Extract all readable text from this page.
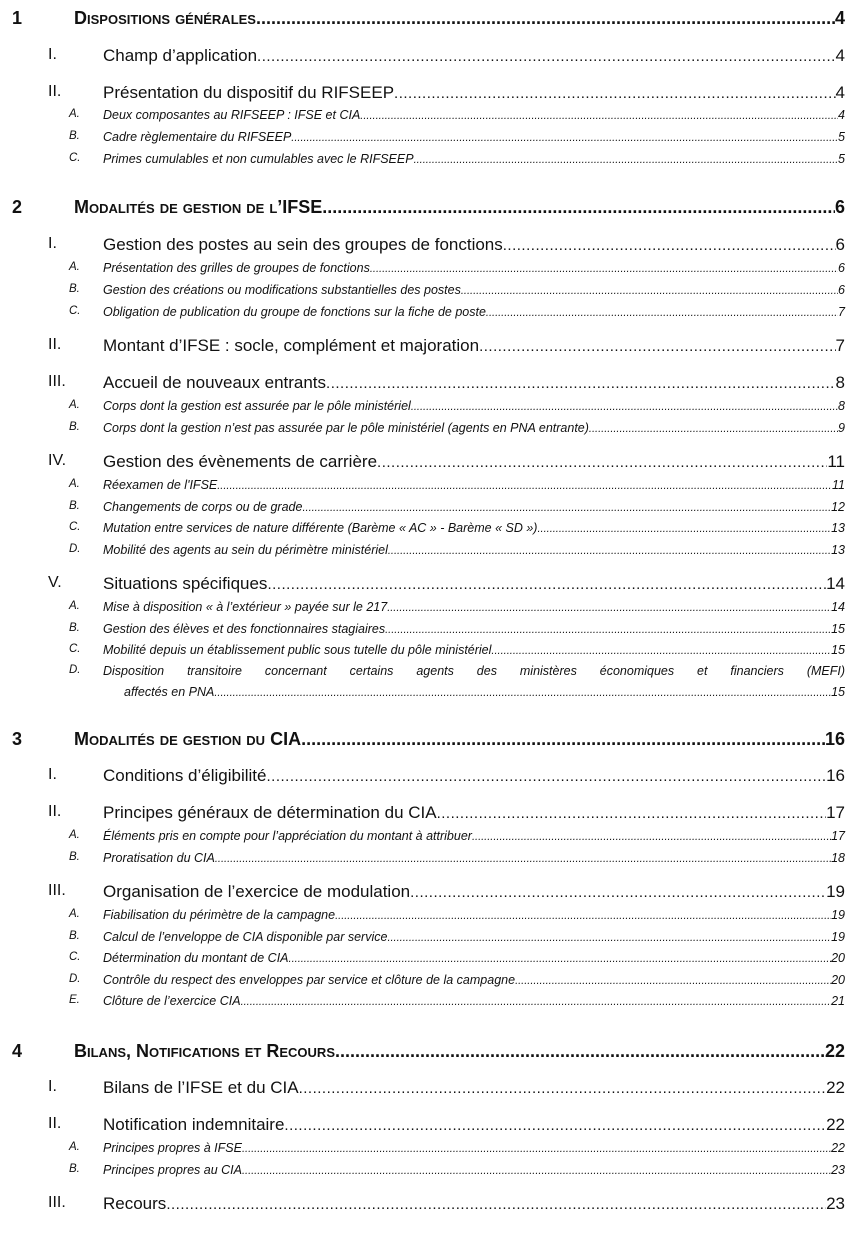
1	Dispositions générales .....	4
I.	Champ d’application .....	4
II. Présentation du dispositif du RIFSEEP .....	4
A. Deux composantes au RIFSEEP : IFSE et CIA .....	4
B. Cadre règlementaire du RIFSEEP .....	5
C. Primes cumulables et non cumulables avec le RIFSEEP .....	5
2	Modalités de gestion de l’IFSE .....	6
I.	Gestion des postes au sein des groupes de fonctions .....	6
A. Présentation des grilles de groupes de fonctions .....	6
B. Gestion des créations ou modifications substantielles des postes .....	6
C. Obligation de publication du groupe de fonctions sur la fiche de poste .....	7
II. Montant d’IFSE : socle, complément et majoration .....	7
III. Accueil de nouveaux entrants .....	8
A. Corps dont la gestion est assurée par le pôle ministériel .....	8
B. Corps dont la gestion n’est pas assurée par le pôle ministériel (agents en PNA entrante) .....	9
IV. Gestion des évènements de carrière .....	11
A. Réexamen de l'IFSE .....	11
B. Changements de corps ou de grade .....	12
C. Mutation entre services de nature différente (Barème « AC » - Barème « SD ») .....	13
D. Mobilité des agents au sein du périmètre ministériel .....	13
V. Situations spécifiques .....	14
A. Mise à disposition « à l’extérieur » payée sur le 217 .....	14
B. Gestion des élèves et des fonctionnaires stagiaires .....	15
C. Mobilité depuis un établissement public sous tutelle du pôle ministériel .....	15
D. Disposition transitoire concernant certains agents des ministères économiques et financiers (MEFI)
affectés en PNA .....	15
3	Modalités de gestion du CIA .....	16
I.	Conditions d’éligibilité .....	16
II. Principes généraux de détermination du CIA .....	17
A. Éléments pris en compte pour l’appréciation du montant à attribuer .....	17
B. Proratisation du CIA .....	18
III. Organisation de l’exercice de modulation .....	19
A. Fiabilisation du périmètre de la campagne .....	19
B. Calcul de l’enveloppe de CIA disponible par service .....	19
C. Détermination du montant de CIA .....	20
D. Contrôle du respect des enveloppes par service et clôture de la campagne .....	20
E. Clôture de l’exercice CIA .....	21
4	Bilans, Notifications et Recours .....	22
I.	Bilans de l’IFSE et du CIA .....	22
II. Notification indemnitaire .....	22
A. Principes propres à IFSE .....	22
B. Principes propres au CIA .....	23
III. Recours .....	23
